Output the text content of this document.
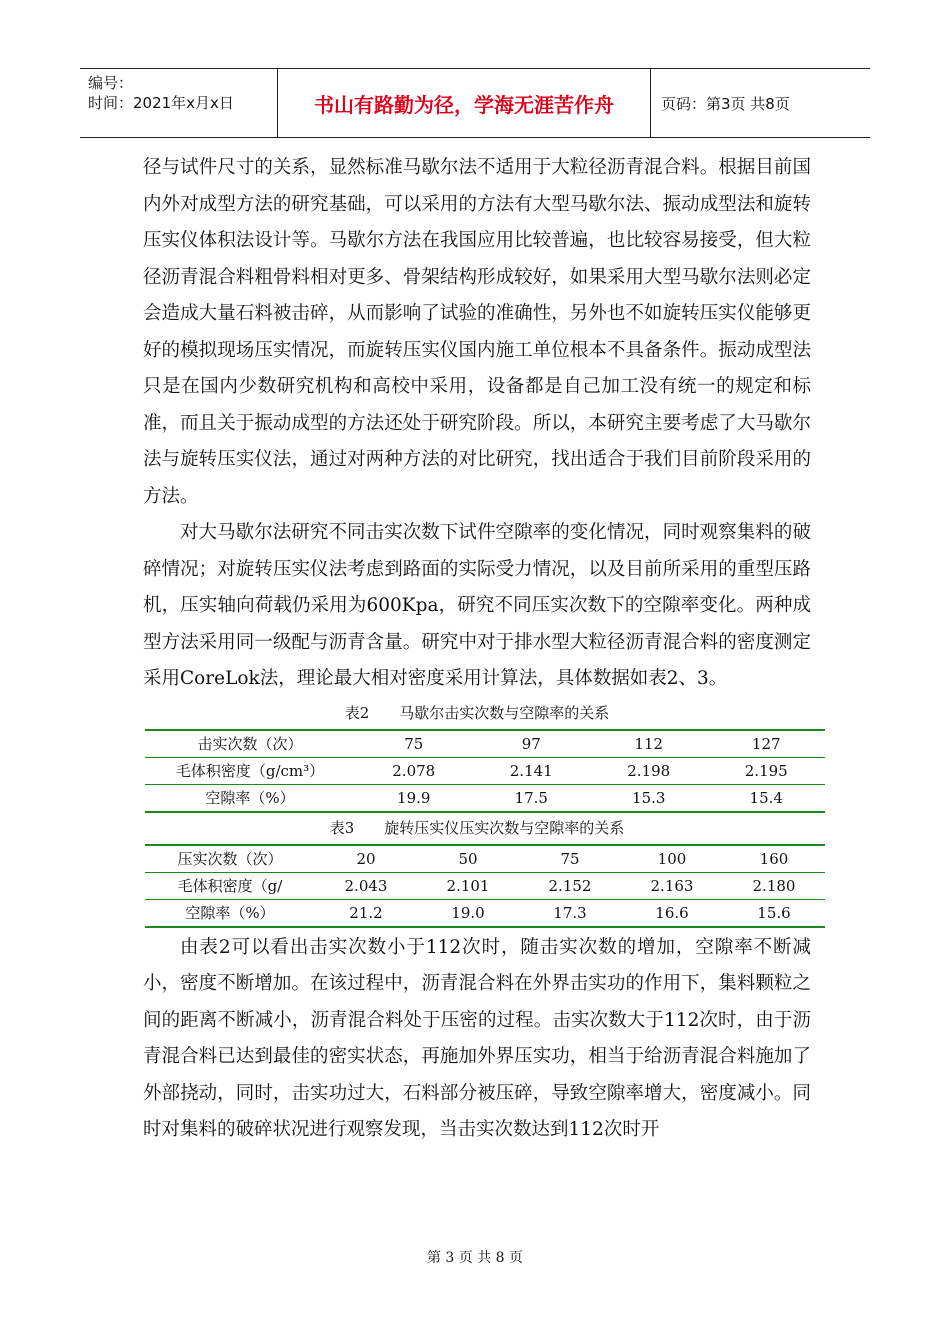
编号：
时间：2021年x月x日	书山有路勤为径，学海无涯苦作舟	页码：第3页 共8页

径与试件尺寸的关系，显然标准马歇尔法不适用于大粒径沥青混合料。根据目前国内外对成型方法的研究基础，可以采用的方法有大型马歇尔法、振动成型法和旋转压实仪体积法设计等。马歇尔方法在我国应用比较普遍，也比较容易接受，但大粒径沥青混合料粗骨料相对更多、骨架结构形成较好，如果采用大型马歇尔法则必定会造成大量石料被击碎，从而影响了试验的准确性，另外也不如旋转压实仪能够更好的模拟现场压实情况，而旋转压实仪国内施工单位根本不具备条件。振动成型法只是在国内少数研究机构和高校中采用，设备都是自己加工没有统一的规定和标准，而且关于振动成型的方法还处于研究阶段。所以，本研究主要考虑了大马歇尔法与旋转压实仪法，通过对两种方法的对比研究，找出适合于我们目前阶段采用的方法。

对大马歇尔法研究不同击实次数下试件空隙率的变化情况，同时观察集料的破碎情况；对旋转压实仪法考虑到路面的实际受力情况，以及目前所采用的重型压路机，压实轴向荷载仍采用为600Kpa，研究不同压实次数下的空隙率变化。两种成型方法采用同一级配与沥青含量。研究中对于排水型大粒径沥青混合料的密度测定采用CoreLok法，理论最大相对密度采用计算法，具体数据如表2、3。

表2　　马歇尔击实次数与空隙率的关系

击实次数（次）	75	97	112	127
毛体积密度（g/cm³）	2.078	2.141	2.198	2.195
空隙率（%）	19.9	17.5	15.3	15.4

表3　　旋转压实仪压实次数与空隙率的关系

压实次数（次）	20	50	75	100	160
毛体积密度（g/	2.043	2.101	2.152	2.163	2.180
空隙率（%）	21.2	19.0	17.3	16.6	15.6

由表2可以看出击实次数小于112次时，随击实次数的增加，空隙率不断减小，密度不断增加。在该过程中，沥青混合料在外界击实功的作用下，集料颗粒之间的距离不断减小，沥青混合料处于压密的过程。击实次数大于112次时，由于沥青混合料已达到最佳的密实状态，再施加外界压实功，相当于给沥青混合料施加了外部挠动，同时，击实功过大，石料部分被压碎，导致空隙率增大，密度减小。同时对集料的破碎状况进行观察发现，当击实次数达到112次时开

第 3 页 共 8 页
